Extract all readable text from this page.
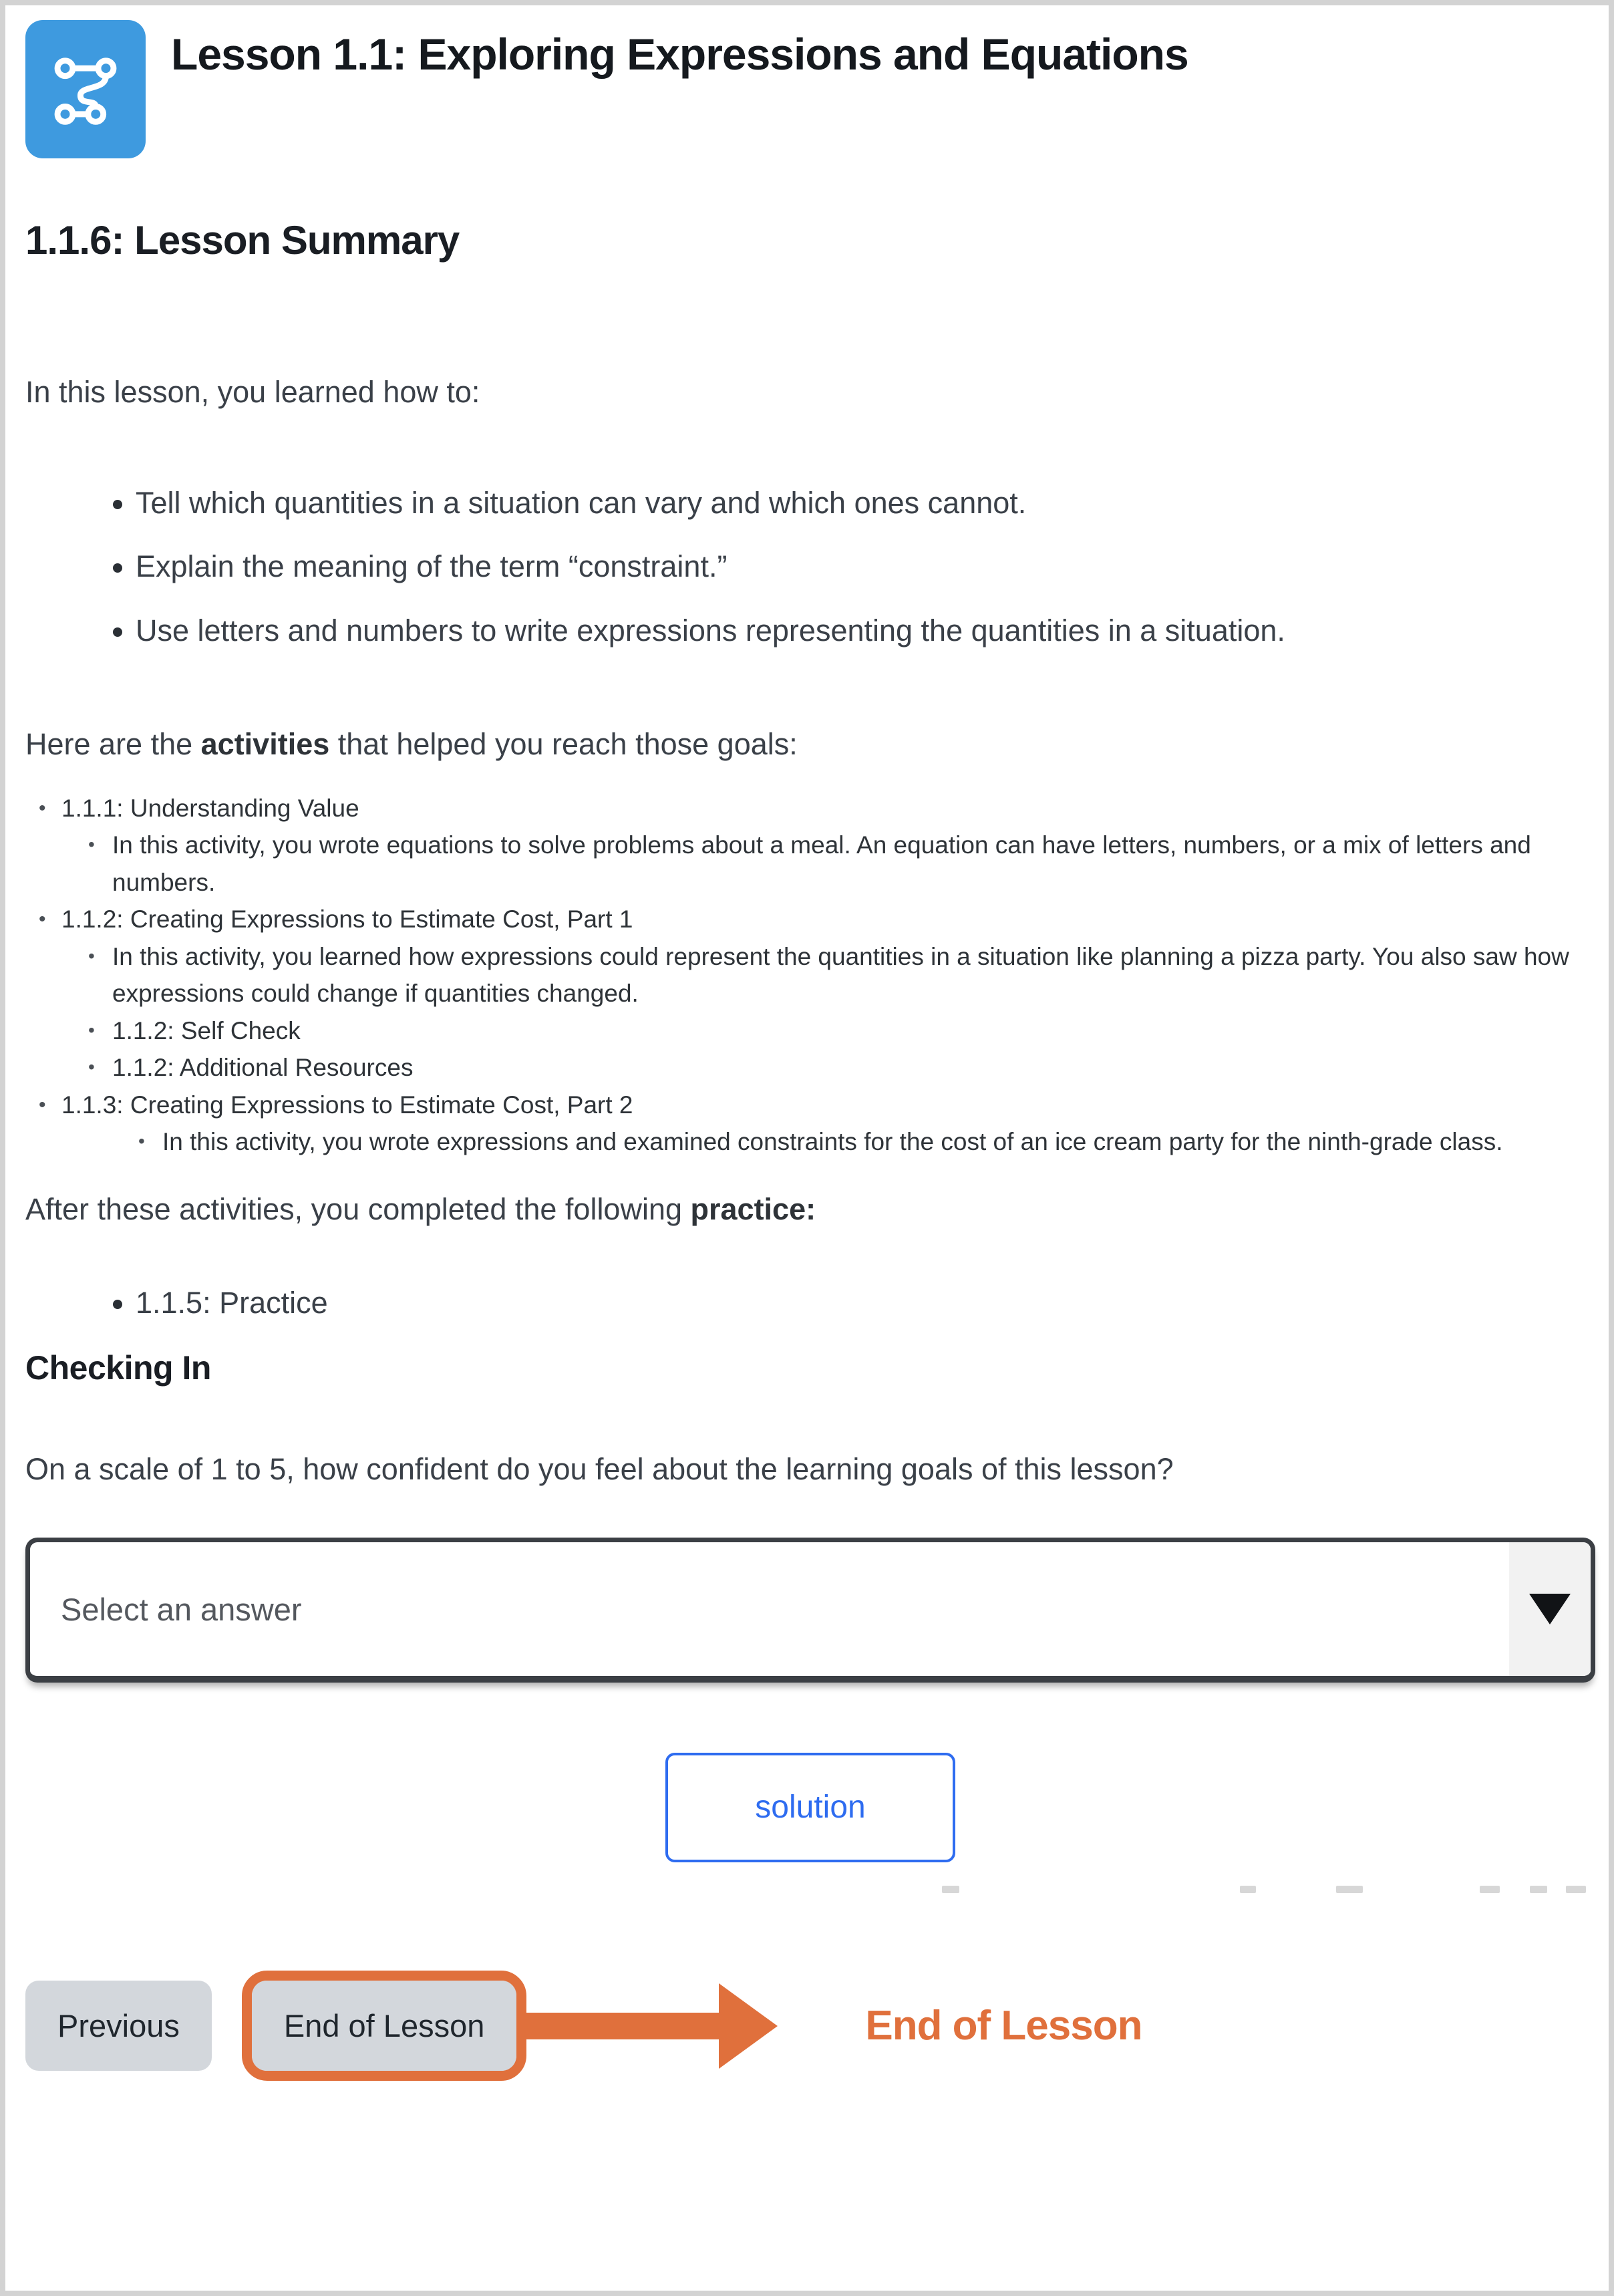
Lesson 1.1: Exploring Expressions and Equations
1.1.6: Lesson Summary

In this lesson, you learned how to:

• Tell which quantities in a situation can vary and which ones cannot.
• Explain the meaning of the term “constraint.”
• Use letters and numbers to write expressions representing the quantities in a situation.

Here are the activities that helped you reach those goals:

• 1.1.1: Understanding Value
• In this activity, you wrote equations to solve problems about a meal. An equation can have letters, numbers, or a mix of letters and numbers.
• 1.1.2: Creating Expressions to Estimate Cost, Part 1
• In this activity, you learned how expressions could represent the quantities in a situation like planning a pizza party. You also saw how expressions could change if quantities changed.
• 1.1.2: Self Check
• 1.1.2: Additional Resources
• 1.1.3: Creating Expressions to Estimate Cost, Part 2
• In this activity, you wrote expressions and examined constraints for the cost of an ice cream party for the ninth-grade class.

After these activities, you completed the following practice:

• 1.1.5: Practice
Checking In

On a scale of 1 to 5, how confident do you feel about the learning goals of this lesson?

Select an answer
solution
Previous	End of Lesson	End of Lesson
